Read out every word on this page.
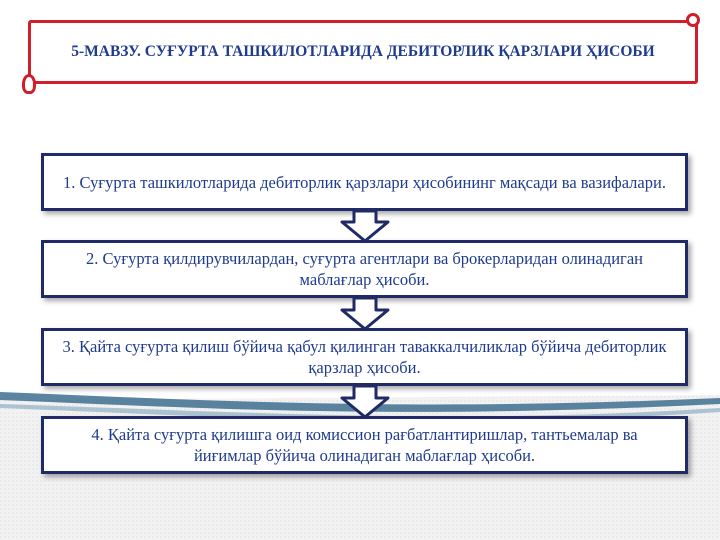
5-МАВЗУ. СУҒУРТА ТАШКИЛОТЛАРИДА ДЕБИТОРЛИК ҚАРЗЛАРИ ҲИСОБИ
1. Суғурта ташкилотларида дебиторлик қарзлари ҳисобининг мақсади ва вазифалари.
2. Суғурта қилдирувчилардан, суғурта агентлари ва брокерларидан олинадиган маблағлар ҳисоби.
3. Қайта суғурта қилиш бўйича қабул қилинган таваккалчиликлар бўйича дебиторлик қарзлар ҳисоби.
4. Қайта суғурта қилишга оид комиссион рағбатлантиришлар, тантьемалар ва йиғимлар бўйича олинадиган маблағлар ҳисоби.
